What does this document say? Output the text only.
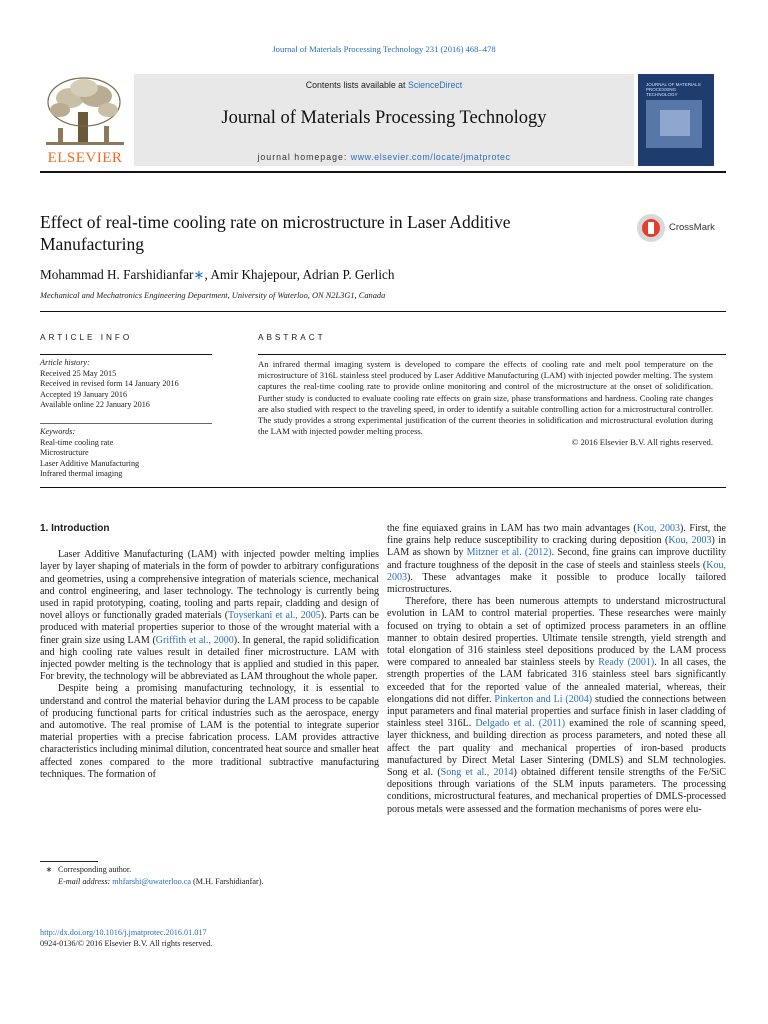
Journal of Materials Processing Technology 231 (2016) 468–478
ELSEVIER
Contents lists available at ScienceDirect
Journal of Materials Processing Technology
journal homepage: www.elsevier.com/locate/jmatprotec
JOURNAL OF MATERIALS PROCESSING TECHNOLOGY
Effect of real-time cooling rate on microstructure in Laser Additive Manufacturing
CrossMark
Mohammad H. Farshidianfar∗, Amir Khajepour, Adrian P. Gerlich
Mechanical and Mechatronics Engineering Department, University of Waterloo, ON N2L3G1, Canada
ARTICLE INFO	ABSTRACT
Article history:
Received 25 May 2015
Received in revised form 14 January 2016
Accepted 19 January 2016
Available online 22 January 2016
Keywords:
Real-time cooling rate
Microstructure
Laser Additive Manufacturing
Infrared thermal imaging
An infrared thermal imaging system is developed to compare the effects of cooling rate and melt pool temperature on the microstructure of 316L stainless steel produced by Laser Additive Manufacturing (LAM) with injected powder melting. The system captures the real-time cooling rate to provide online monitoring and control of the microstructure at the onset of solidification. Further study is conducted to evaluate cooling rate effects on grain size, phase transformations and hardness. Cooling rate changes are also studied with respect to the traveling speed, in order to identify a suitable controlling action for a microstructural controller. The study provides a strong experimental justification of the current theories in solidification and microstructural evolution during the LAM with injected powder melting process.
© 2016 Elsevier B.V. All rights reserved.
1. Introduction

Laser Additive Manufacturing (LAM) with injected powder melting implies layer by layer shaping of materials in the form of powder to arbitrary configurations and geometries, using a comprehensive integration of materials science, mechanical and control engineering, and laser technology. The technology is currently being used in rapid prototyping, coating, tooling and parts repair, cladding and design of novel alloys or functionally graded materials (Toyserkani et al., 2005). Parts can be produced with material properties superior to those of the wrought material with a finer grain size using LAM (Griffith et al., 2000). In general, the rapid solidification and high cooling rate values result in detailed finer microstructure. LAM with injected powder melting is the technology that is applied and studied in this paper. For brevity, the technology will be abbreviated as LAM throughout the whole paper.

Despite being a promising manufacturing technology, it is essential to understand and control the material behavior during the LAM process to be capable of producing functional parts for critical industries such as the aerospace, energy and automotive. The real promise of LAM is the potential to integrate superior material properties with a precise fabrication process. LAM provides attractive characteristics including minimal dilution, concentrated heat source and smaller heat affected zones compared to the more traditional subtractive manufacturing techniques. The formation of

the fine equiaxed grains in LAM has two main advantages (Kou, 2003). First, the fine grains help reduce susceptibility to cracking during deposition (Kou, 2003) in LAM as shown by Mitzner et al. (2012). Second, fine grains can improve ductility and fracture toughness of the deposit in the case of steels and stainless steels (Kou, 2003). These advantages make it possible to produce locally tailored microstructures.

Therefore, there has been numerous attempts to understand microstructural evolution in LAM to control material properties. These researches were mainly focused on trying to obtain a set of optimized process parameters in an offline manner to obtain desired properties. Ultimate tensile strength, yield strength and total elongation of 316 stainless steel depositions produced by the LAM process were compared to annealed bar stainless steels by Ready (2001). In all cases, the strength properties of the LAM fabricated 316 stainless steel bars significantly exceeded that for the reported value of the annealed material, whereas, their elongations did not differ. Pinkerton and Li (2004) studied the connections between input parameters and final material properties and surface finish in laser cladding of stainless steel 316L. Delgado et al. (2011) examined the role of scanning speed, layer thickness, and building direction as process parameters, and noted these all affect the part quality and mechanical properties of iron-based products manufactured by Direct Metal Laser Sintering (DMLS) and SLM technologies. Song et al. (Song et al., 2014) obtained different tensile strengths of the Fe/SiC depositions through variations of the SLM inputs parameters. The processing conditions, microstructural features, and mechanical properties of DMLS-processed porous metals were assessed and the formation mechanisms of pores were elu-

∗ Corresponding author.
E-mail address: mhfarshi@uwaterloo.ca (M.H. Farshidianfar).
http://dx.doi.org/10.1016/j.jmatprotec.2016.01.017
0924-0136/© 2016 Elsevier B.V. All rights reserved.
